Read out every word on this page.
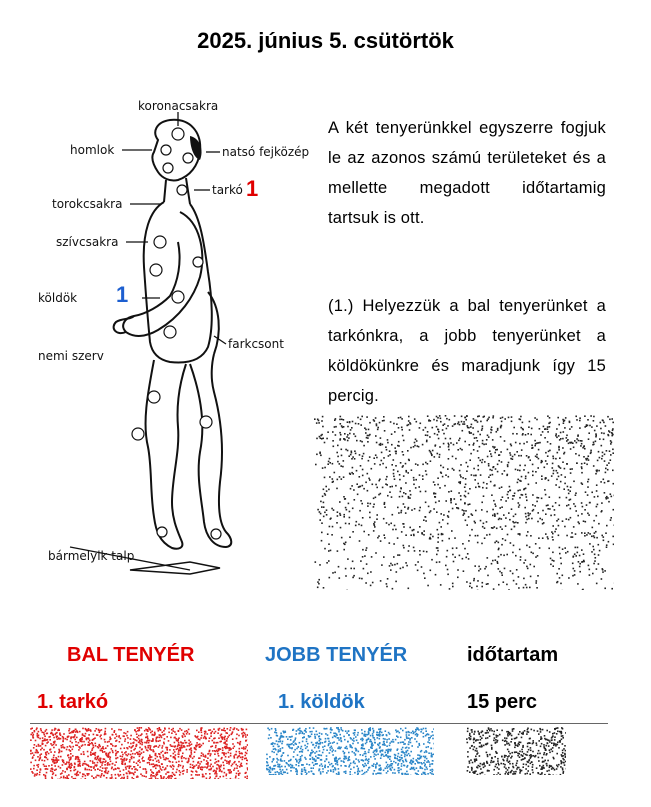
2025. június 5. csütörtök
koronacsakra
homlok	natsó fejközép
tarkó 1
torokcsakra
szívcsakra
köldök 1
farkcsont
nemi szerv
bármelyik talp
A két tenyerünkkel egyszerre fogjuk le az azonos számú területeket és a mellette megadott időtartamig tartsuk is ott.
(1.) Helyezzük a bal tenyerünket a tarkónkra, a jobb tenyerünket a köldökünkre és maradjunk így 15 percig.
BAL TENYÉR	JOBB TENYÉR	időtartam
1. tarkó	1. köldök	15 perc
